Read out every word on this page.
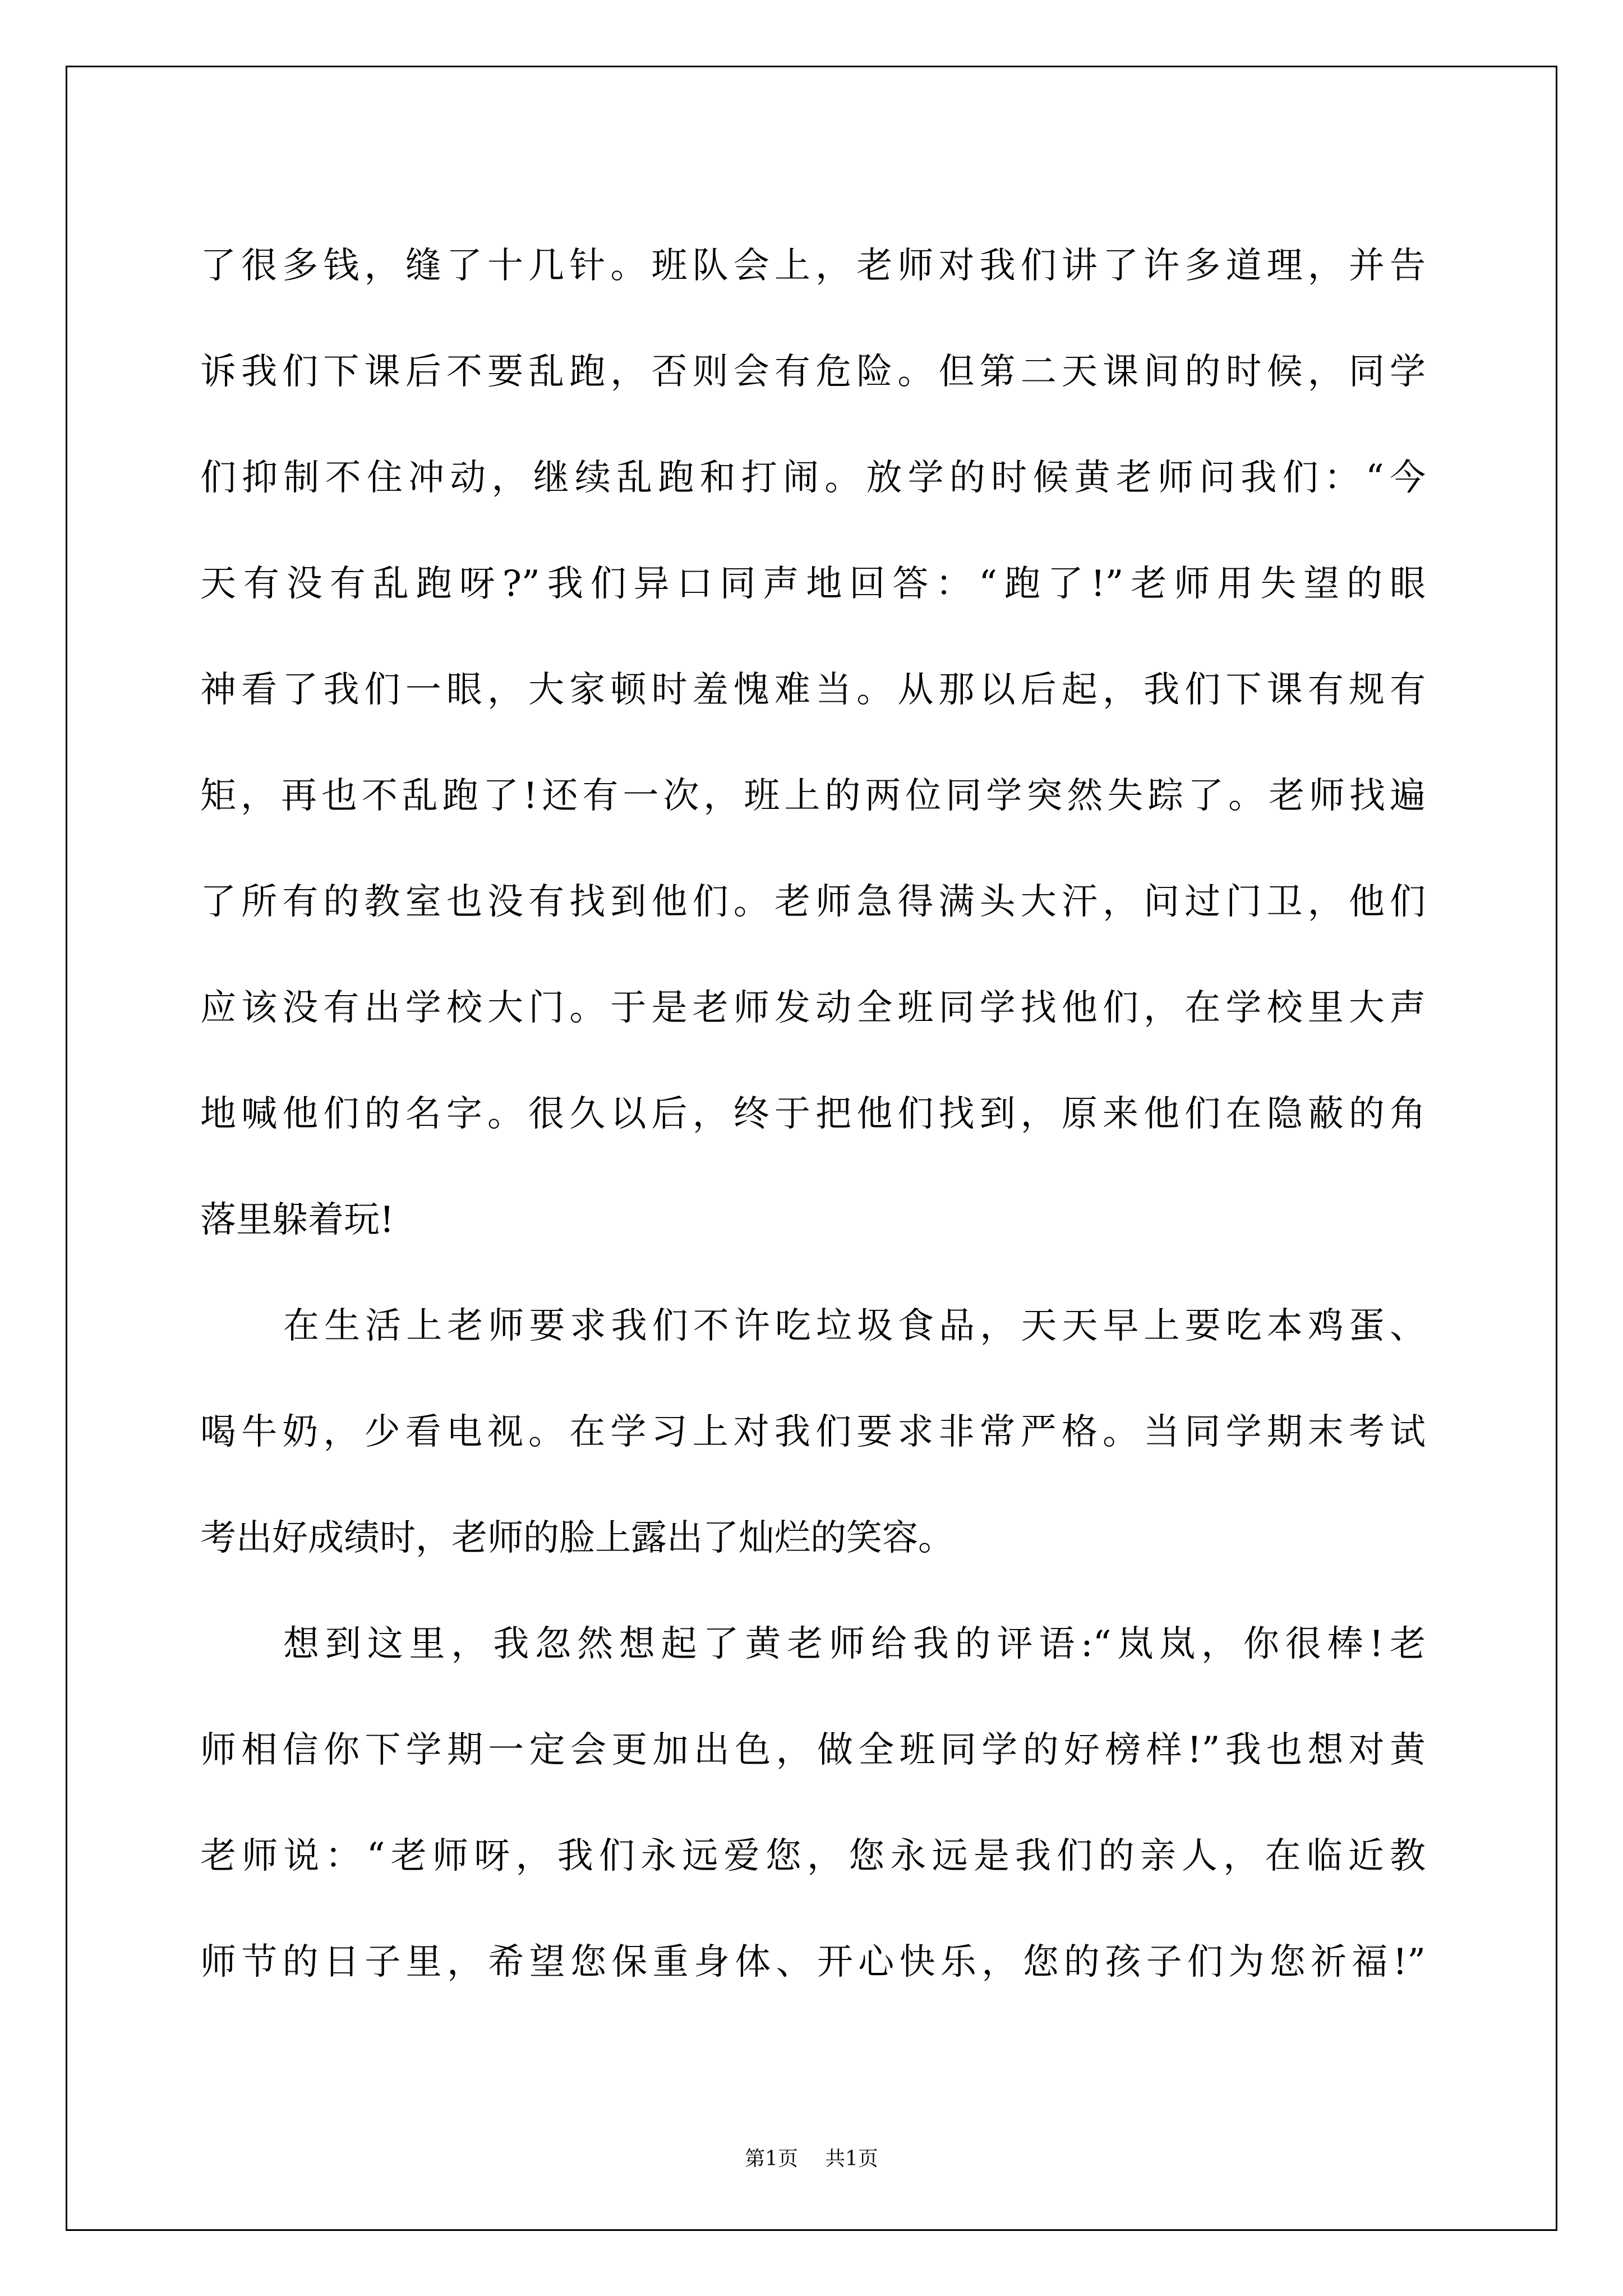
了很多钱，缝了十几针。班队会上，老师对我们讲了许多道理，并告
诉我们下课后不要乱跑，否则会有危险。但第二天课间的时候，同学
们抑制不住冲动，继续乱跑和打闹。放学的时候黄老师问我们：“今
天有没有乱跑呀?”我们异口同声地回答：“跑了!”老师用失望的眼
神看了我们一眼，大家顿时羞愧难当。从那以后起，我们下课有规有
矩，再也不乱跑了!还有一次，班上的两位同学突然失踪了。老师找遍
了所有的教室也没有找到他们。老师急得满头大汗，问过门卫，他们
应该没有出学校大门。于是老师发动全班同学找他们，在学校里大声
地喊他们的名字。很久以后，终于把他们找到，原来他们在隐蔽的角
落里躲着玩!
在生活上老师要求我们不许吃垃圾食品，天天早上要吃本鸡蛋、
喝牛奶，少看电视。在学习上对我们要求非常严格。当同学期末考试
考出好成绩时，老师的脸上露出了灿烂的笑容。
想到这里，我忽然想起了黄老师给我的评语:“岚岚，你很棒!老
师相信你下学期一定会更加出色，做全班同学的好榜样!”我也想对黄
老师说：“老师呀，我们永远爱您，您永远是我们的亲人，在临近教
师节的日子里，希望您保重身体、开心快乐，您的孩子们为您祈福!”
第1页 共1页
